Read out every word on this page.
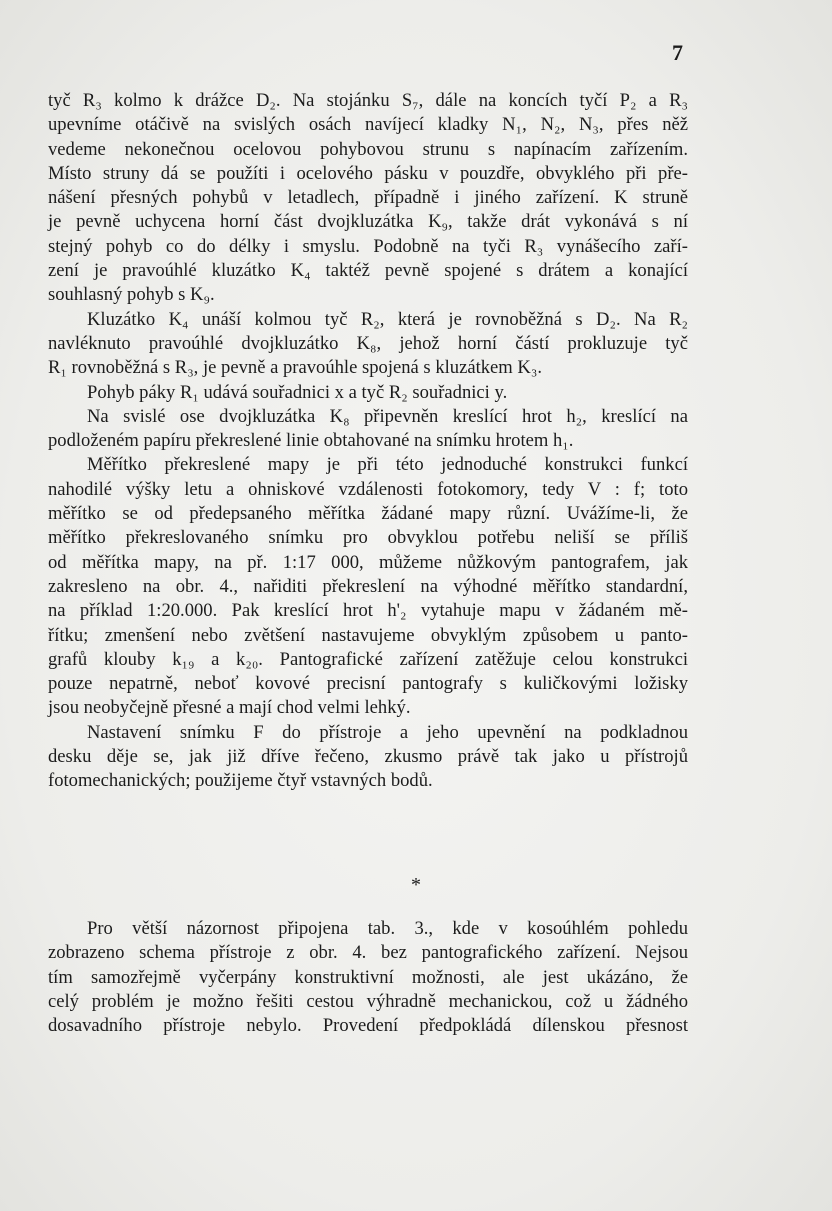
7
tyč R₃ kolmo k drážce D₂. Na stojánku S₇, dále na koncích tyčí P₂ a R₃
upevníme otáčivě na svislých osách navíjecí kladky N₁, N₂, N₃, přes něž
vedeme nekonečnou ocelovou pohybovou strunu s napínacím zařízením.
Místo struny dá se použíti i ocelového pásku v pouzdře, obvyklého při pře-
nášení přesných pohybů v letadlech, případně i jiného zařízení. K struně
je pevně uchycena horní část dvojkluzátka K₉, takže drát vykonává s ní
stejný pohyb co do délky i smyslu. Podobně na tyči R₃ vynášecího zaří-
zení je pravoúhlé kluzátko K₄ taktéž pevně spojené s drátem a konající
souhlasný pohyb s K₉.
Kluzátko K₄ unáší kolmou tyč R₂, která je rovnoběžná s D₂. Na R₂
navléknuto pravoúhlé dvojkluzátko K₈, jehož horní částí prokluzuje tyč
R₁ rovnoběžná s R₃, je pevně a pravoúhle spojená s kluzátkem K₃.
Pohyb páky R₁ udává souřadnici x a tyč R₂ souřadnici y.
Na svislé ose dvojkluzátka K₈ připevněn kreslící hrot h₂, kreslící na
podloženém papíru překreslené linie obtahované na snímku hrotem h₁.
Měřítko překreslené mapy je při této jednoduché konstrukci funkcí
nahodilé výšky letu a ohniskové vzdálenosti fotokomory, tedy V : f; toto
měřítko se od předepsaného měřítka žádané mapy různí. Uvážíme-li, že
měřítko překreslovaného snímku pro obvyklou potřebu neliší se příliš
od měřítka mapy, na př. 1:17 000, můžeme nůžkovým pantografem, jak
zakresleno na obr. 4., nařiditi překreslení na výhodné měřítko standardní,
na příklad 1:20.000. Pak kreslící hrot h'₂ vytahuje mapu v žádaném mě-
řítku; zmenšení nebo zvětšení nastavujeme obvyklým způsobem u panto-
grafů klouby k₁₉ a k₂₀. Pantografické zařízení zatěžuje celou konstrukci
pouze nepatrně, neboť kovové precisní pantografy s kuličkovými ložisky
jsou neobyčejně přesné a mají chod velmi lehký.
Nastavení snímku F do přístroje a jeho upevnění na podkladnou
desku děje se, jak již dříve řečeno, zkusmo právě tak jako u přístrojů
fotomechanických; použijeme čtyř vstavných bodů.
*
Pro větší názornost připojena tab. 3., kde v kosoúhlém pohledu
zobrazeno schema přístroje z obr. 4. bez pantografického zařízení. Nejsou
tím samozřejmě vyčerpány konstruktivní možnosti, ale jest ukázáno, že
celý problém je možno řešiti cestou výhradně mechanickou, což u žádného
dosavadního přístroje nebylo. Provedení předpokládá dílenskou přesnost
